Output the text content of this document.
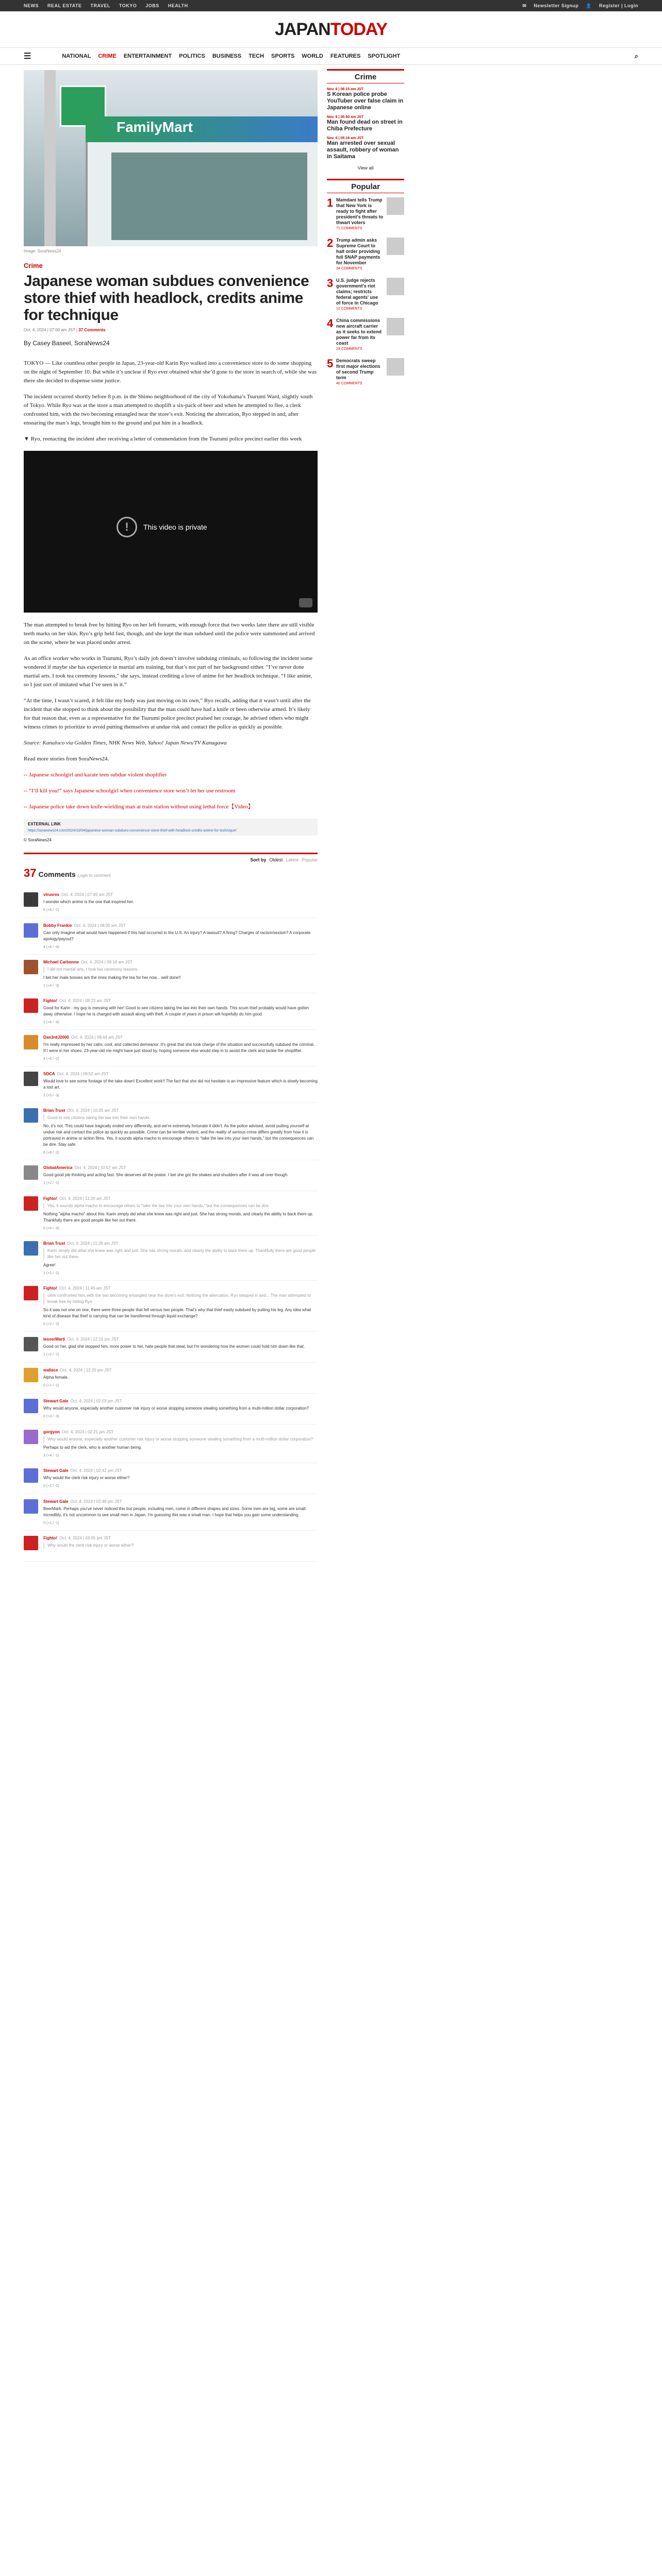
NEWS REAL ESTATE TRAVEL TOKYO JOBS HEALTH	✉ Newsletter Signup 👤 Register | Login
JAPANTODAY
☰	NATIONAL CRIME ENTERTAINMENT POLITICS BUSINESS TECH SPORTS WORLD FEATURES SPOTLIGHT	⌕
FamilyMart
Image: SoraNews24
Crime
Japanese woman subdues convenience store thief with headlock, credits anime for technique
Oct. 4, 2024 | 07:00 am JST | 37 Comments
By Casey Baseel, SoraNews24

TOKYO — Like countless other people in Japan, 23-year-old Karin Ryo walked into a convenience store to do some shopping on the night of September 10. But while it’s unclear if Ryo ever obtained what she’d gone to the store in search of, while she was there she decided to dispense some justice.

The incident occurred shortly before 8 p.m. in the Shimo neighborhood of the city of Yokohama’s Tsurumi Ward, slightly south of Tokyo. While Ryo was at the store a man attempted to shoplift a six-pack of beer and when he attempted to flee, a clerk confronted him, with the two becoming entangled near the store’s exit. Noticing the altercation, Ryo stepped in and, after ensnaring the man’s legs, brought him to the ground and put him in a headlock.

▼ Ryo, reenacting the incident after receiving a letter of commendation from the Tsurumi police precinct earlier this week

!	This video is private

The man attempted to break free by hitting Ryo on her left forearm, with enough force that two weeks later there are still visible teeth marks on her skin. Ryo’s grip held fast, though, and she kept the man subdued until the police were summoned and arrived on the scene, where he was placed under arrest.

As an office worker who works in Tsurumi, Ryo’s daily job doesn’t involve subduing criminals, so following the incident some wondered if maybe she has experience in martial arts training, but that’s not part of her background either. “I’ve never done martial arts. I took tea ceremony lessons,” she says, instead crediting a love of anime for her headlock technique. “I like anime, so I just sort of imitated what I’ve seen in it.”

“At the time, I wasn’t scared, it felt like my body was just moving on its own,” Ryo recalls, adding that it wasn’t until after the incident that she stopped to think about the possibility that the man could have had a knife or been otherwise armed. It’s likely for that reason that, even as a representative for the Tsurumi police precinct praised her courage, he advised others who might witness crimes to prioritize to avoid putting themselves at undue risk and contact the police as quickly as possible.

Source: Kanaloco via Golden Times, NHK News Web, Yahoo! Japan News/TV Kanagawa

Read more stories from SoraNews24.

-- Japanese schoolgirl and karate teen subdue violent shoplifter

-- “I’ll kill you!” says Japanese schoolgirl when convenience store won’t let her use restroom

-- Japanese police take down knife-wielding man at train station without using lethal force【Video】

EXTERNAL LINK
https://soranews24.com/2024/10/04/japanese-woman-subdues-convenience-store-thief-with-headlock-credits-anime-for-technique/
© SoraNews24
Sort by Oldest Latest Popular
37 Comments Login to comment
virusrex Oct. 4, 2024 | 07:49 am JST
I wonder which anime is the one that inspired her.
6 (+8 / -2)
Bobby Frankie Oct. 4, 2024 | 08:05 am JST
Can only imagine what would have happened if this had occurred in the U.S. An injury? A lawsuit? A firing? Charges of racism/sexism? A corporate apology/payout?
4 (+8 / -4)
Michael Carbonne Oct. 4, 2024 | 08:18 am JST
I did not martial arts, I took tea ceremony lessons.
I bet her male bosses are the ones making the tea for her now... well done!!
1 (+4 / -3)
Fighto! Oct. 4, 2024 | 08:23 am JST
Good for Karin - my guy is messing with her! Good to see citizens taking the law into their own hands. This scum thief probably would have gotten away otherwise. I hope he is charged with assault along with theft. A couple of years in prison will hopefully do him good.
2 (+6 / -4)
Dan3rdJ2000 Oct. 4, 2024 | 09:44 am JST
I'm really impressed by her calm, cool, and collected demeanor. It's great that she took charge of the situation and successfully subdued the criminal. If I were in her shoes, 23-year-old me might have just stood by, hoping someone else would step in to assist the clerk and tackle the shoplifter.
4 (+6 / -2)
SDCA Oct. 4, 2024 | 09:52 am JST
Would love to see some footage of the take down! Excellent work!! The fact that she did not hesitate is an impressive feature which is slowly becoming a lost art.
2 (+5 / -3)
Brian Trust Oct. 4, 2024 | 10:25 am JST
Good to see citizens taking the law into their own hands.
No, it's not. This could have tragically ended very differently, and we're extremely fortunate it didn't. As the police advised, avoid putting yourself at undue risk and contact the police as quickly as possible. Crime can be terrible violent, and the reality of serious crime differs greatly from how it is portrayed in anime or action films. Yes, it sounds alpha macho to encourage others to "take the law into your own hands," but the consequences can be dire. Stay safe.
6 (+8 / -2)
GlobalAmerica Oct. 4, 2024 | 10:57 am JST
Good good job thinking and acting fast. She deserves all the praise. I bet she got the shakes and shudders after it was all over though.
1 (+2 / -1)
Fighto! Oct. 4, 2024 | 11:20 am JST
Yes, it sounds alpha macho to encourage others to "take the law into your own hands," but the consequences can be dire.
Nothing "alpha macho" about this. Karin simply did what she knew was right and just. She has strong morals, and clearly the ability to back them up. Thankfully there are good people like her out there.
0 (+4 / -4)
Brian Trust Oct. 4, 2024 | 11:26 am JST
Karin simply did what she knew was right and just. She has strong morals, and clearly the ability to back them up. Thankfully there are good people like her out there.
Agree!
1 (+2 / -1)
Fighto! Oct. 4, 2024 | 11:45 am JST
clerk confronted him, with the two becoming entangled near the store's exit. Noticing the altercation, Ryo stepped in and... The man attempted to break free by hitting Ryo
So it was not one on one, there were three people that fell versus two people. That's why that thief easily subdued by putting his leg. Any idea what kind of disease that thief is carrying that can be transferred through liquid exchange?
0 (+2 / -2)
lesserMarti Oct. 4, 2024 | 12:15 pm JST
Good on her, glad she stopped him, more power to her, hate people that steal, but I'm wondering how the women could hold him down like that.
1 (+2 / -1)
wallace Oct. 4, 2024 | 12:20 pm JST
Alpha female.
0 (+1 / -1)
Stewart Gale Oct. 4, 2024 | 02:03 pm JST
Why would anyone, especially another customer risk injury or worse stopping someone stealing something from a multi-million dollar corporation?
0 (+3 / -3)
gorgyon Oct. 4, 2024 | 02:21 pm JST
Why would anyone, especially another customer risk injury or worse stopping someone stealing something from a multi-million dollar corporation?
Perhaps to aid the clerk, who is another human being.
3 (+4 / -1)
Stewart Gale Oct. 4, 2024 | 02:42 pm JST
Why would the clerk risk injury or worse either?
0 (+2 / -2)
Stewart Gale Oct. 4, 2024 | 02:48 pm JST
BeerMark. Perhaps you've never noticed this but people, including men, come in different shapes and sizes. Some men are big, some are small. Incredibly, it's not uncommon to see small men in Japan. I'm guessing this was a small man. I hope that helps you gain some understanding.
0 (+1 / -1)
Fighto! Oct. 4, 2024 | 03:05 pm JST
Why would the clerk risk injury or worse either?
Crime
Nov. 6 | 06:15 am JST
S Korean police probe YouTuber over false claim in Japanese online
Nov. 6 | 05:50 am JST
Man found dead on street in Chiba Prefecture
Nov. 6 | 05:16 am JST
Man arrested over sexual assault, robbery of woman in Saitama
View all
Popular
1 Mamdani tells Trump that New York is ready to fight after president's threats to thwart voters
71 COMMENTS
2 Trump admin asks Supreme Court to halt order providing full SNAP payments for November
34 COMMENTS
3 U.S. judge rejects government's riot claims; restricts federal agents' use of force in Chicago
12 COMMENTS
4 China commissions new aircraft carrier as it seeks to extend power far from its coast
23 COMMENTS
5 Democrats sweep first major elections of second Trump term
40 COMMENTS
